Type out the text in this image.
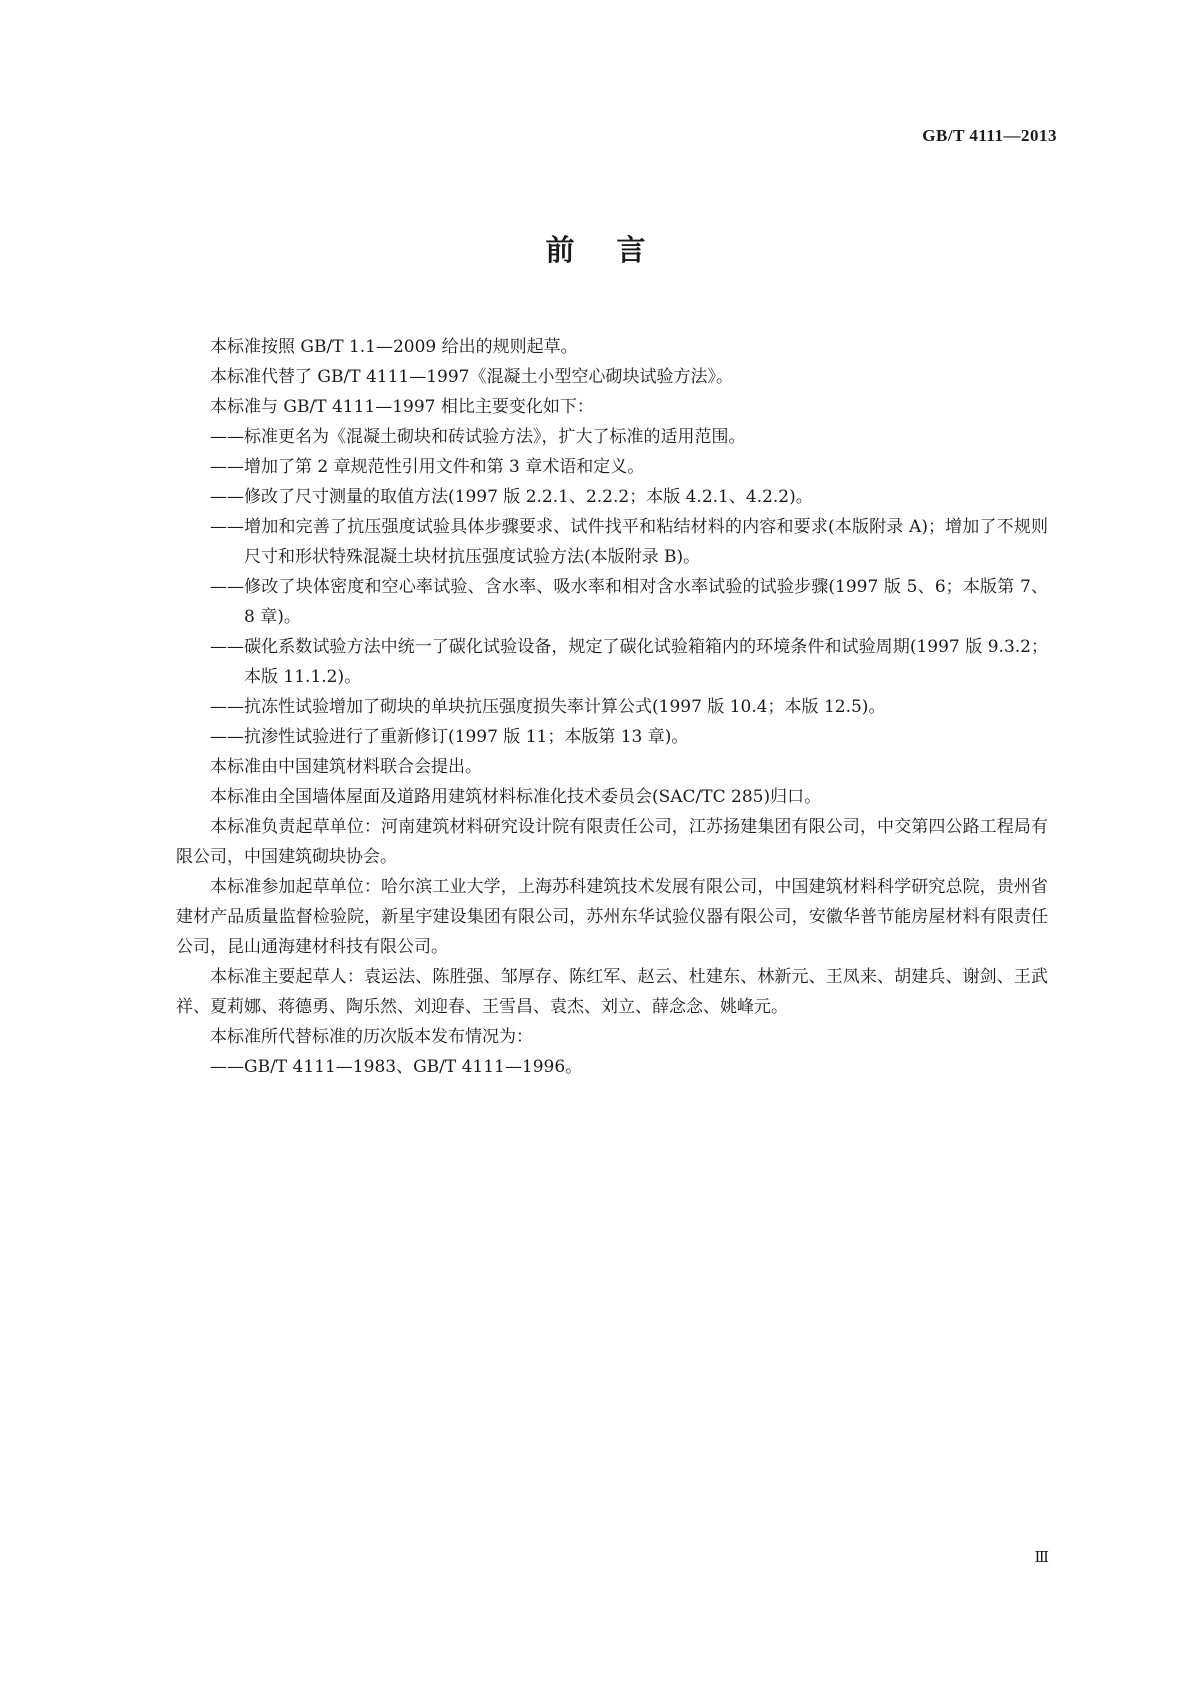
GB/T 4111—2013
前言

本标准按照 GB/T 1.1—2009 给出的规则起草。

本标准代替了 GB/T 4111—1997《混凝土小型空心砌块试验方法》。

本标准与 GB/T 4111—1997 相比主要变化如下：

——标准更名为《混凝土砌块和砖试验方法》，扩大了标准的适用范围。

——增加了第 2 章规范性引用文件和第 3 章术语和定义。

——修改了尺寸测量的取值方法(1997 版 2.2.1、2.2.2；本版 4.2.1、4.2.2)。

——增加和完善了抗压强度试验具体步骤要求、试件找平和粘结材料的内容和要求(本版附录 A)；增加了不规则尺寸和形状特殊混凝土块材抗压强度试验方法(本版附录 B)。

——修改了块体密度和空心率试验、含水率、吸水率和相对含水率试验的试验步骤(1997 版 5、6；本版第 7、8 章)。

——碳化系数试验方法中统一了碳化试验设备，规定了碳化试验箱箱内的环境条件和试验周期(1997 版 9.3.2；本版 11.1.2)。

——抗冻性试验增加了砌块的单块抗压强度损失率计算公式(1997 版 10.4；本版 12.5)。

——抗渗性试验进行了重新修订(1997 版 11；本版第 13 章)。

本标准由中国建筑材料联合会提出。

本标准由全国墙体屋面及道路用建筑材料标准化技术委员会(SAC/TC 285)归口。

本标准负责起草单位：河南建筑材料研究设计院有限责任公司，江苏扬建集团有限公司，中交第四公路工程局有限公司，中国建筑砌块协会。

本标准参加起草单位：哈尔滨工业大学，上海苏科建筑技术发展有限公司，中国建筑材料科学研究总院，贵州省建材产品质量监督检验院，新星宇建设集团有限公司，苏州东华试验仪器有限公司，安徽华普节能房屋材料有限责任公司，昆山通海建材科技有限公司。

本标准主要起草人：袁运法、陈胜强、邹厚存、陈红军、赵云、杜建东、林新元、王凤来、胡建兵、谢剑、王武祥、夏莉娜、蒋德勇、陶乐然、刘迎春、王雪昌、袁杰、刘立、薛念念、姚峰元。

本标准所代替标准的历次版本发布情况为：

——GB/T 4111—1983、GB/T 4111—1996。

Ⅲ
